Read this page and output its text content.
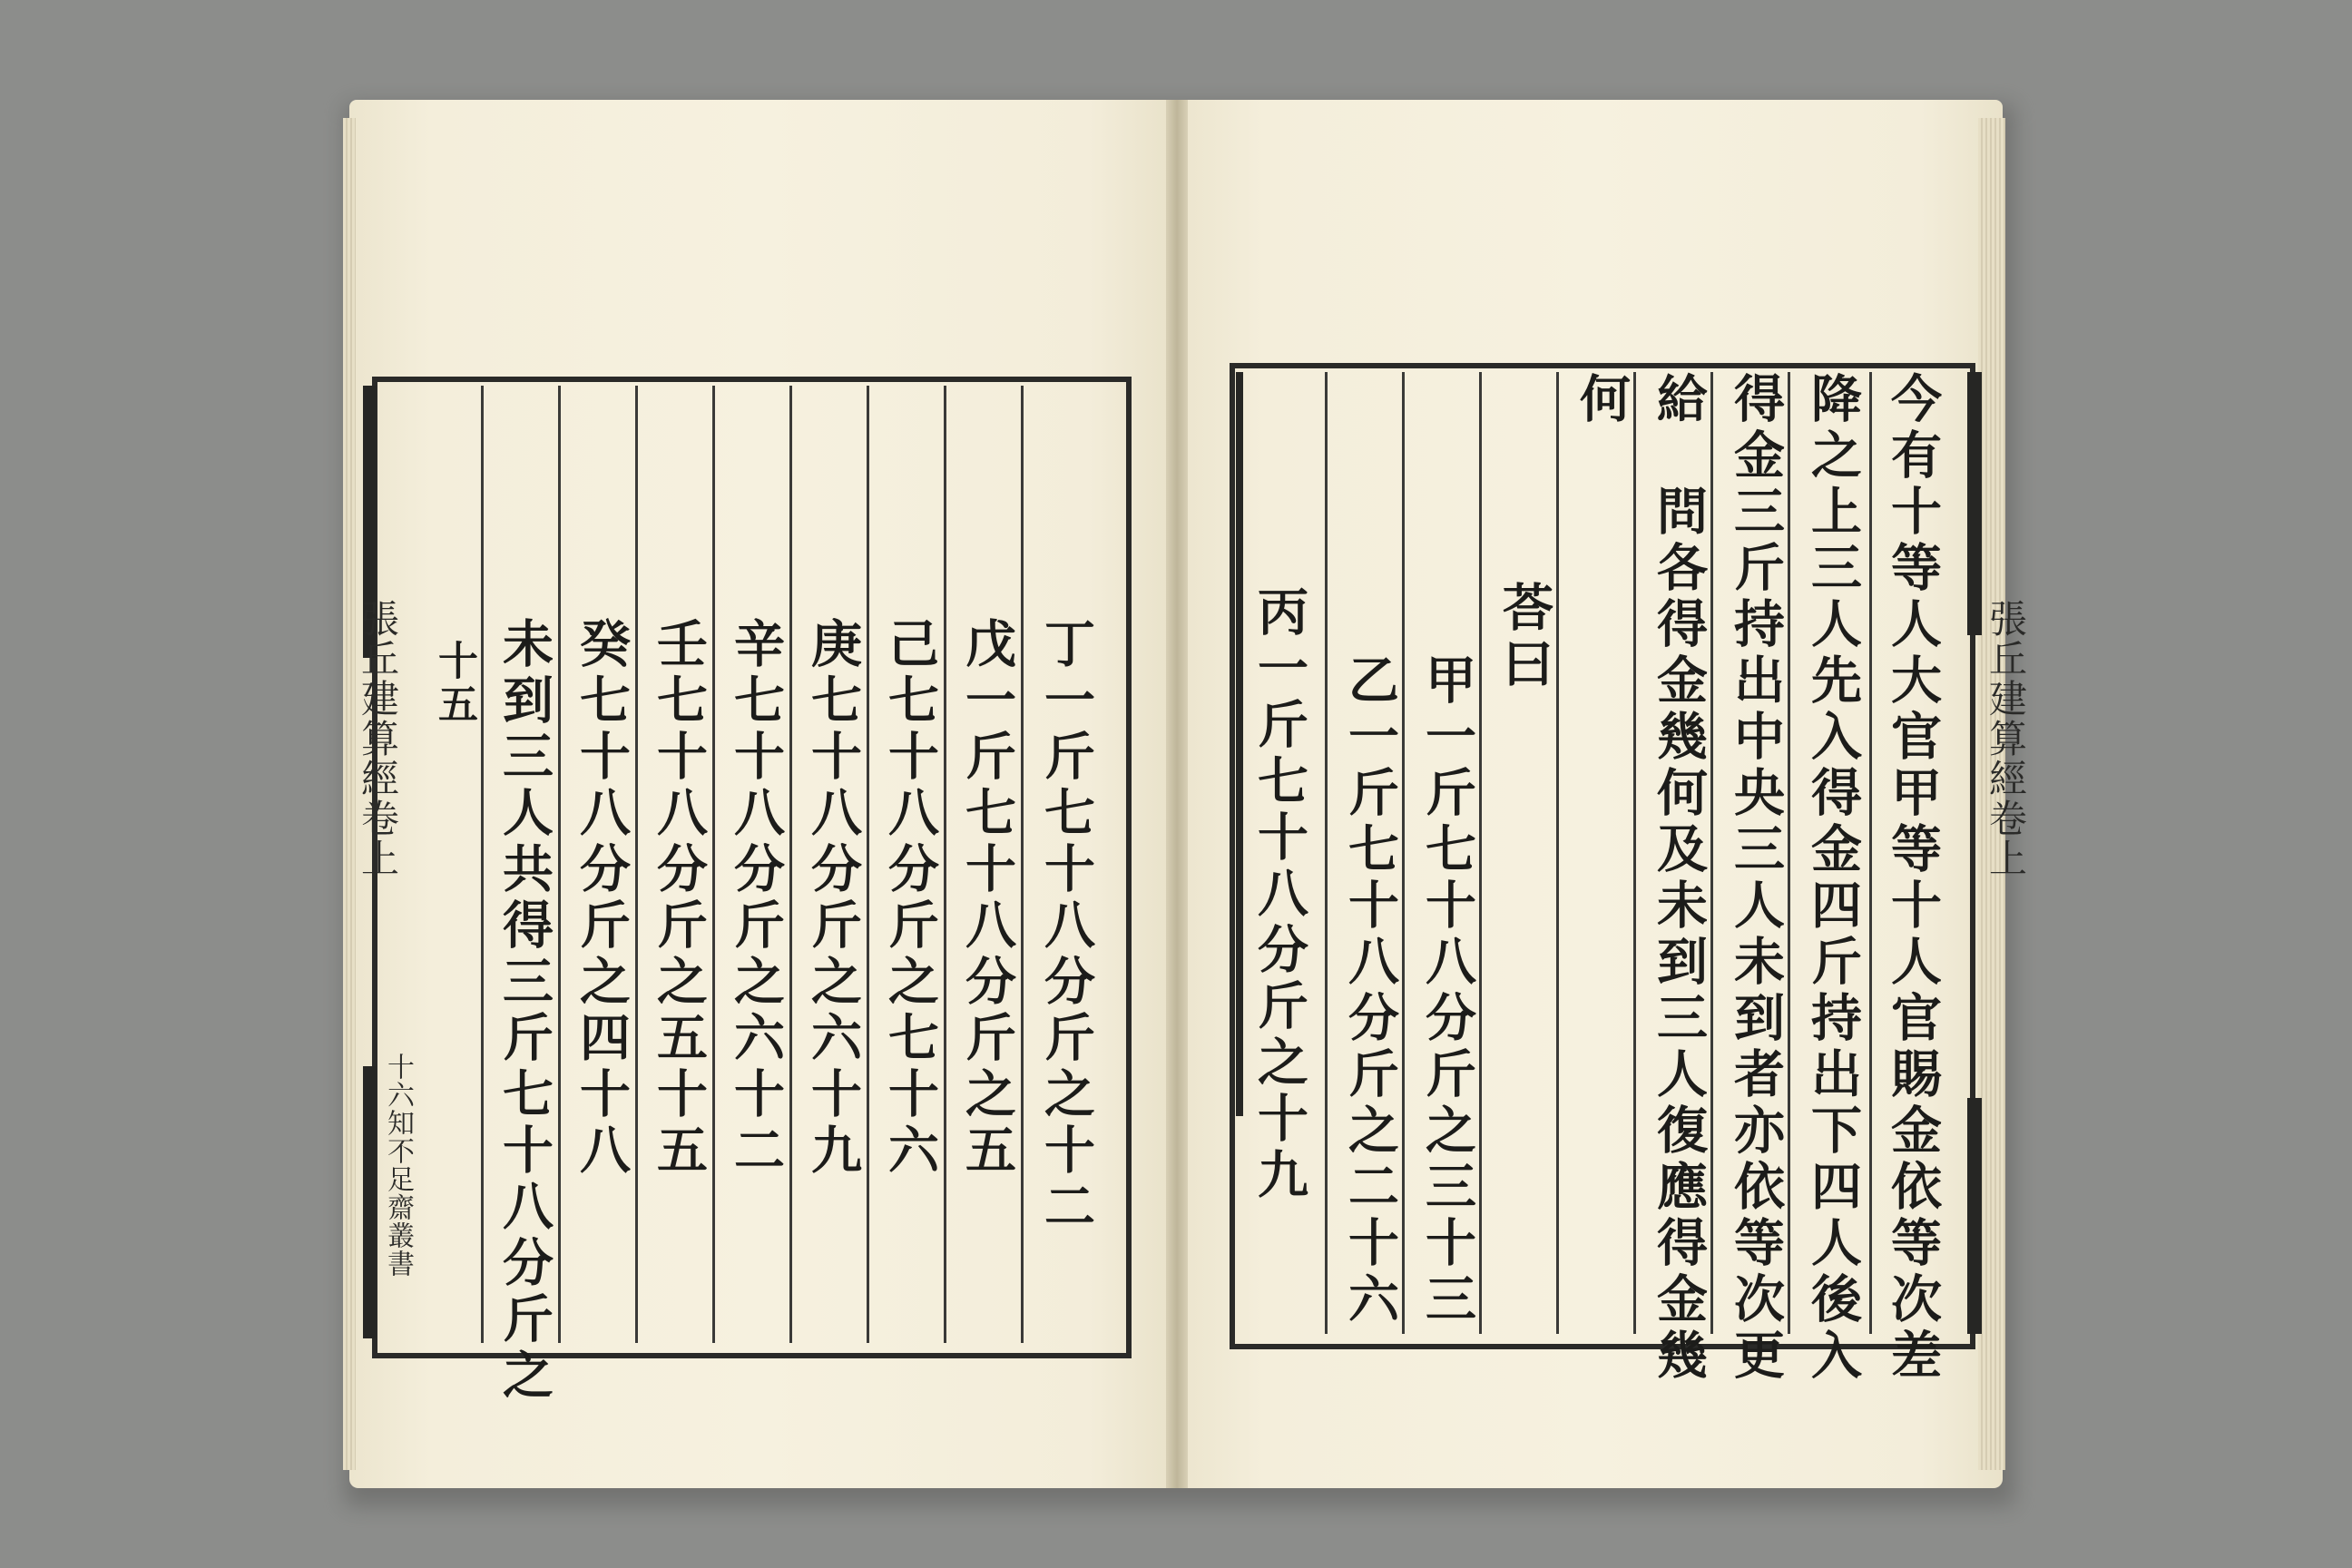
丁一斤七十八分斤之十二
戊一斤七十八分斤之五
己七十八分斤之七十六
庚七十八分斤之六十九
辛七十八分斤之六十二
壬七十八分斤之五十五
癸七十八分斤之四十八
未到三人共得三斤七十八分斤之
十五
張丘建算經卷上
十六知不足齋叢書	今有十等人大官甲等十人官賜金依等次差
降之上三人先入得金四斤持出下四人後入
得金三斤持出中央三人未到者亦依等次更
給　問各得金幾何及未到三人復應得金幾
何
荅曰
甲一斤七十八分斤之三十三
乙一斤七十八分斤之二十六
丙一斤七十八分斤之十九	張丘建算經卷上
